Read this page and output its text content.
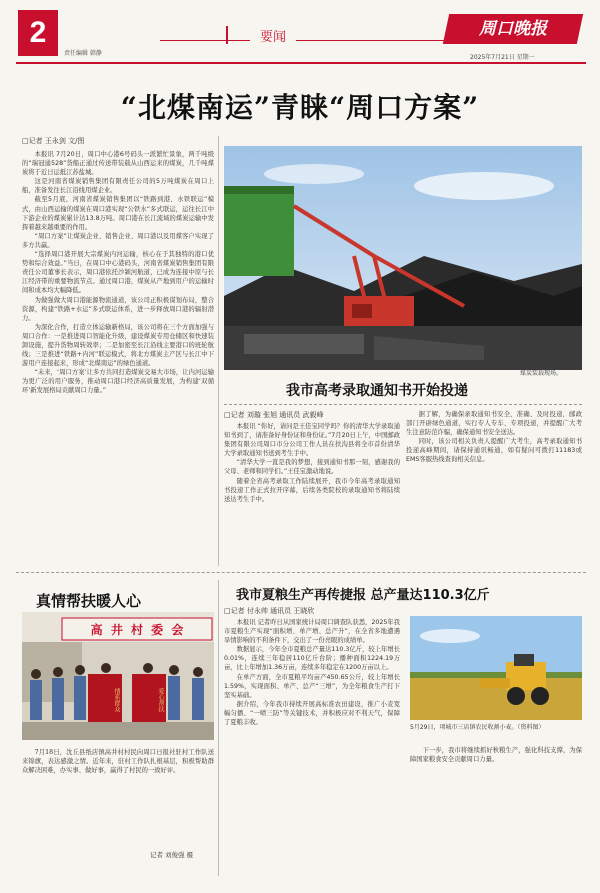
2	要闻
责任编辑 韩静
周口晚报
2025年7月21日 星期一
“北煤南运”青睐“周口方案”
□记者 王永剑 文/图

本报讯 7月20日，周口中心港6号码头一派繁忙景象，两千吨级的“瑞冠通528”货船正通过传送带装载从山西运来的煤炭，几千吨煤炭将于近日运抵江苏盐城。

这是河南省煤炭销售集团有限责任公司的5万吨煤炭在周口上船，准备发往长江沿线用煤企业。

截至5月底，河南省煤炭销售集团以“铁路到港、水铁联运”模式，由山西运输的煤炭在周口港实现“公铁水”多式联运，运往长江中下游企业的煤炭累计达13.8万吨。周口港在长江流域的煤炭运输中发挥着越来越重要的作用。

“周口方案”让煤炭企业、销售企业、周口港以及用煤客户实现了多方共赢。

“选择周口港开展大宗煤炭内河运输，核心在于其独特的港口优势和综合效益。”当日，在周口中心港码头，河南省煤炭销售集团有限责任公司董事长表示，周口港依托沙颍河航道，已成为连接中原与长江经济带的重要物流节点。通过周口港，煤炭从产地到用户的运输时间和成本均大幅降低。

为做强做大周口港能源物流通道，该公司正积极谋划布局，整合资源，构建“铁路+水运”多式联运体系，进一步释放周口港的辐射潜力。

为深化合作，打造立体运输新格局，该公司将在三个方面加强与周口合作：一是推进周口智能化升级，建设煤炭专用仓储区和快速装卸设施，提升货物周转效率；二是加密至长江沿线主要港口的班轮航线；三是推进“铁路+内河”联运模式，将北方煤炭主产区与长江中下游用户连接起来，形成“北煤南运”的绿色通道。

“未来，‘周口方案’让多方共同打造煤炭交易大市场，让内河运输为更广泛的用户服务，推动周口港口经济高质量发展，为构建‘双循环’新发展格局贡献周口力量。”

煤炭装载现场。
我市高考录取通知书开始投递
□记者 刘璇 张旭 通讯员 武毅峰

本报讯 “你好，请问是王佳宝同学吗？你的清华大学录取通知书到了，请准备好身份证和身份证。”7月20日上午，中国邮政集团有限公司周口市分公司工作人员在扶沟县将全市首份清华大学录取通知书送到考生手中。

“清华大学一直是我的梦想，接到通知书那一刻，感谢我的父母、老师和同学们。”王佳宝激动地说。

随着全省高考录取工作陆续展开，我市今年高考录取通知书投递工作正式拉开序幕，后续各类院校的录取通知书将陆续送达考生手中。

据了解，为确保录取通知书安全、准确、及时投递，邮政部门开辟绿色通道，实行专人专车、专项投递，并提醒广大考生注意防范诈骗，确保通知书安全送达。

同时，该公司相关负责人提醒广大考生，高考录取通知书投递高峰期间，请保持通讯畅通，如有疑问可拨打11183或EMS客服热线查询相关信息。

真情帮扶暖人心
高 井 村 委 会
情系群众	爱心帮扶

7月18日，沈丘县纸店镇高井村村民向周口日报社驻村工作队送来锦旗，表达感激之情。近年来，驻村工作队扎根基层，积极帮助群众解决困难，办实事、做好事，赢得了村民的一致好评。

记者 刘俊强 摄
我市夏粮生产再传捷报 总产量达110.3亿斤
□记者 付永帅 通讯员 王晓欣

本报讯 记者昨日从国家统计局周口调查队获悉，2025年我市夏粮生产实现“面积增、单产增、总产升”，在全省多地遭遇旱情影响的不利条件下，交出了一份亮眼的成绩单。

数据显示，今年全市夏粮总产量达110.3亿斤，较上年增长0.01%，连续三年稳居110亿斤台阶；播种面积1224.19万亩，比上年增加1.36万亩，连续多年稳定在1200万亩以上。

在单产方面，全市夏粮平均亩产450.65公斤，较上年增长1.59%，实现面积、单产、总产“三增”，为全年粮食生产打下坚实基础。

据介绍，今年我市持续开展高标准农田建设，推广小麦宽幅匀播、“一喷三防”等关键技术，并积极应对不利天气，保障了夏粮丰收。

5月29日，项城市三店镇农民收割小麦。（资料图）

下一步，我市将继续抓好秋粮生产，强化科技支撑，为保障国家粮食安全贡献周口力量。
